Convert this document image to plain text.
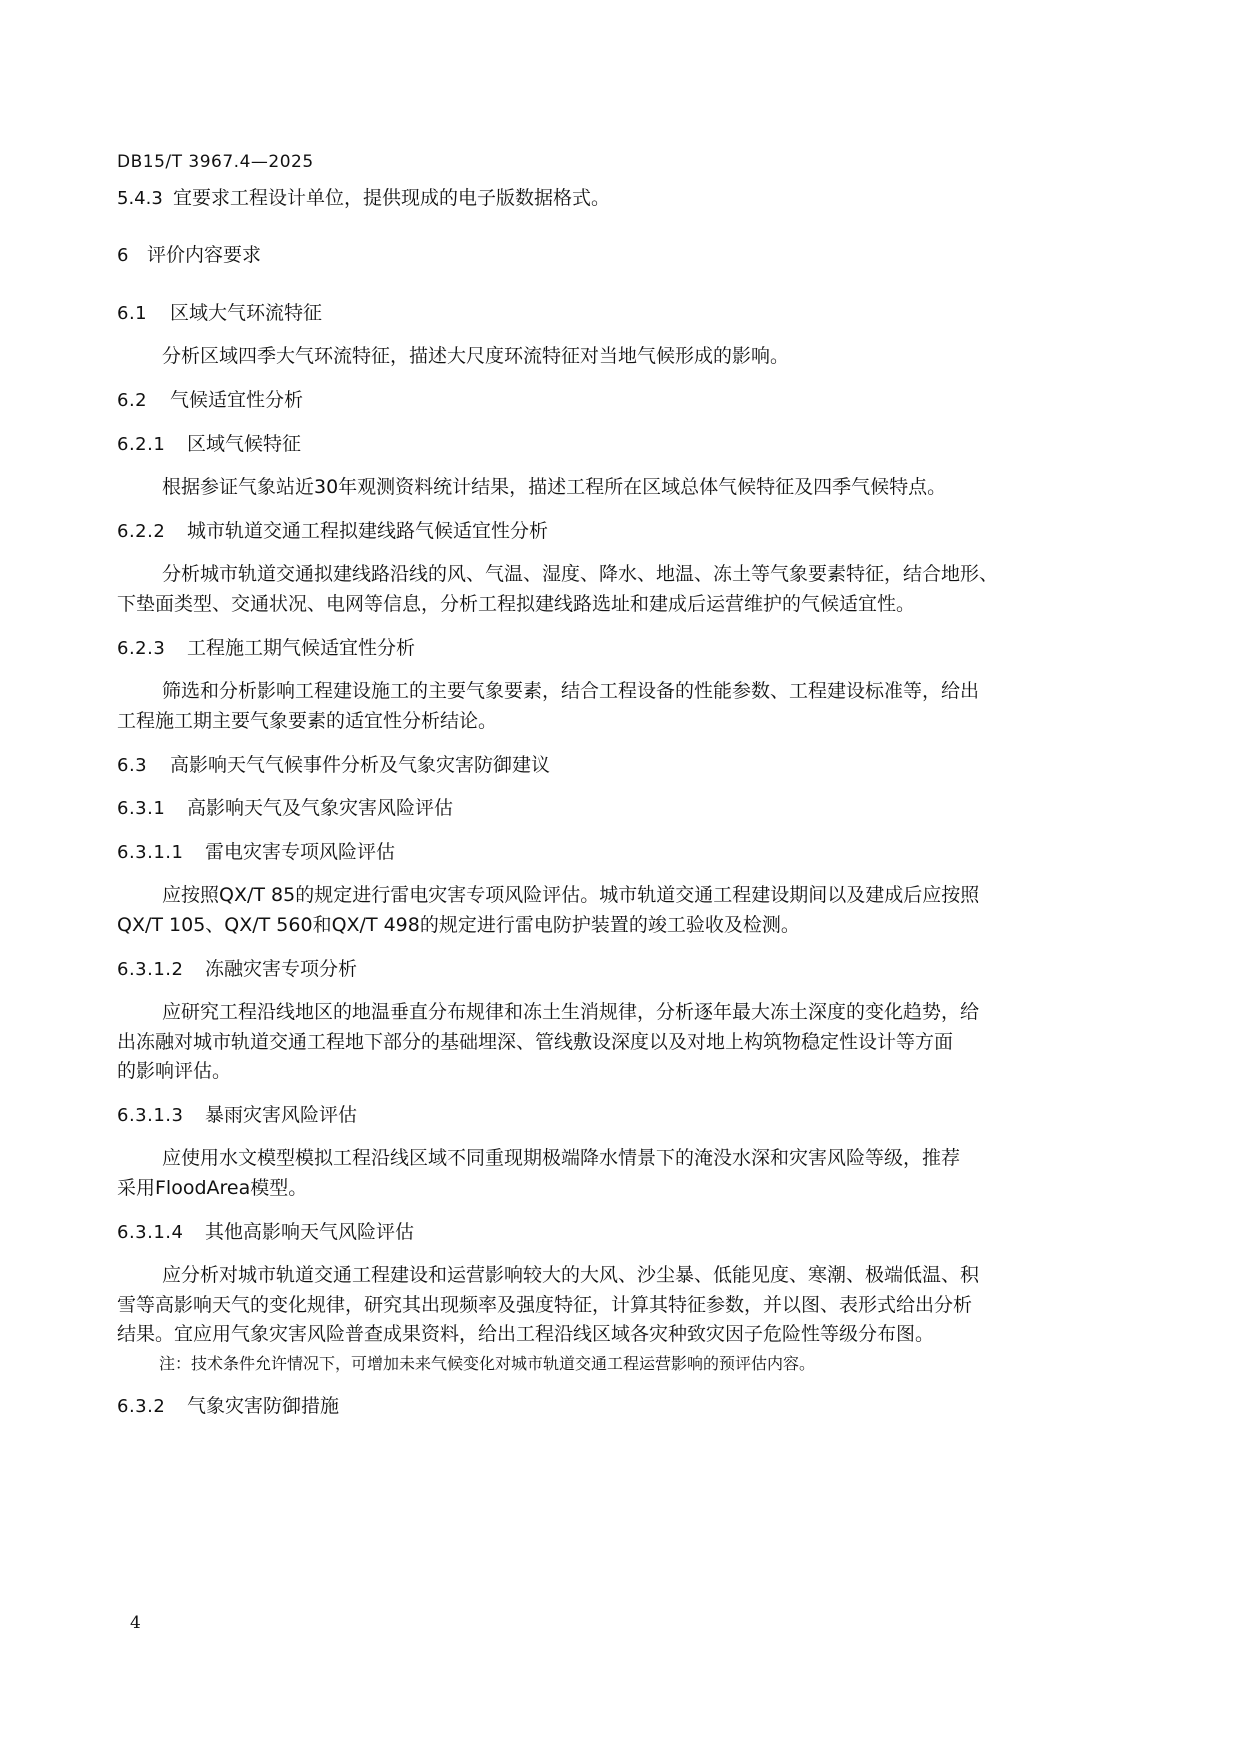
DB15/T 3967.4—2025
5.4.3 宜要求工程设计单位，提供现成的电子版数据格式。
6 评价内容要求
6.1 区域大气环流特征
分析区域四季大气环流特征，描述大尺度环流特征对当地气候形成的影响。
6.2 气候适宜性分析
6.2.1 区域气候特征
根据参证气象站近30年观测资料统计结果，描述工程所在区域总体气候特征及四季气候特点。
6.2.2 城市轨道交通工程拟建线路气候适宜性分析
分析城市轨道交通拟建线路沿线的风、气温、湿度、降水、地温、冻土等气象要素特征，结合地形、
下垫面类型、交通状况、电网等信息，分析工程拟建线路选址和建成后运营维护的气候适宜性。
6.2.3 工程施工期气候适宜性分析
筛选和分析影响工程建设施工的主要气象要素，结合工程设备的性能参数、工程建设标准等，给出
工程施工期主要气象要素的适宜性分析结论。
6.3 高影响天气气候事件分析及气象灾害防御建议
6.3.1 高影响天气及气象灾害风险评估
6.3.1.1 雷电灾害专项风险评估
应按照QX/T 85的规定进行雷电灾害专项风险评估。城市轨道交通工程建设期间以及建成后应按照
QX/T 105、QX/T 560和QX/T 498的规定进行雷电防护装置的竣工验收及检测。
6.3.1.2 冻融灾害专项分析
应研究工程沿线地区的地温垂直分布规律和冻土生消规律，分析逐年最大冻土深度的变化趋势，给
出冻融对城市轨道交通工程地下部分的基础埋深、管线敷设深度以及对地上构筑物稳定性设计等方面
的影响评估。
6.3.1.3 暴雨灾害风险评估
应使用水文模型模拟工程沿线区域不同重现期极端降水情景下的淹没水深和灾害风险等级，推荐
采用FloodArea模型。
6.3.1.4 其他高影响天气风险评估
应分析对城市轨道交通工程建设和运营影响较大的大风、沙尘暴、低能见度、寒潮、极端低温、积
雪等高影响天气的变化规律，研究其出现频率及强度特征，计算其特征参数，并以图、表形式给出分析
结果。宜应用气象灾害风险普查成果资料，给出工程沿线区域各灾种致灾因子危险性等级分布图。
注：技术条件允许情况下，可增加未来气候变化对城市轨道交通工程运营影响的预评估内容。
6.3.2 气象灾害防御措施
4
